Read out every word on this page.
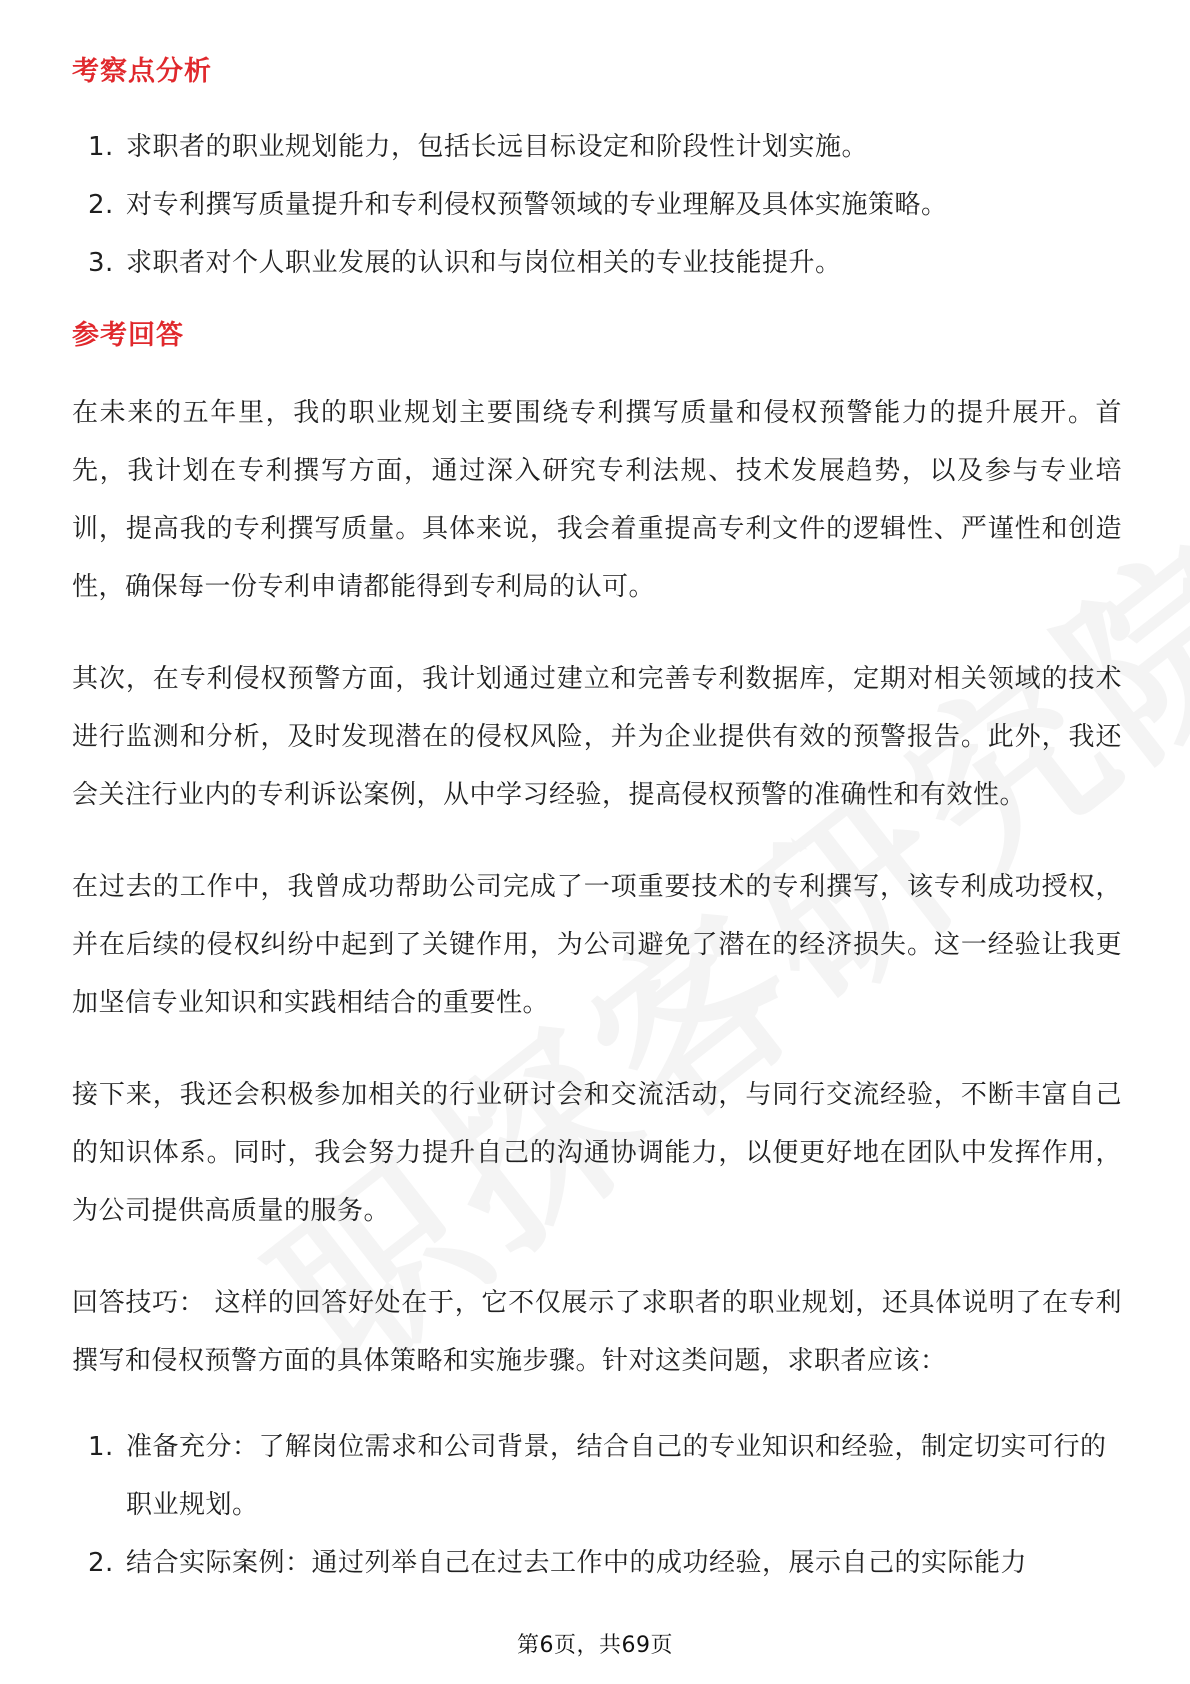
考察点分析
1. 求职者的职业规划能力，包括长远目标设定和阶段性计划实施。
2. 对专利撰写质量提升和专利侵权预警领域的专业理解及具体实施策略。
3. 求职者对个人职业发展的认识和与岗位相关的专业技能提升。
参考回答

在未来的五年里，我的职业规划主要围绕专利撰写质量和侵权预警能力的提升展开。首先，我计划在专利撰写方面，通过深入研究专利法规、技术发展趋势，以及参与专业培训，提高我的专利撰写质量。具体来说，我会着重提高专利文件的逻辑性、严谨性和创造性，确保每一份专利申请都能得到专利局的认可。

其次，在专利侵权预警方面，我计划通过建立和完善专利数据库，定期对相关领域的技术进行监测和分析，及时发现潜在的侵权风险，并为企业提供有效的预警报告。此外，我还会关注行业内的专利诉讼案例，从中学习经验，提高侵权预警的准确性和有效性。

在过去的工作中，我曾成功帮助公司完成了一项重要技术的专利撰写，该专利成功授权，并在后续的侵权纠纷中起到了关键作用，为公司避免了潜在的经济损失。这一经验让我更加坚信专业知识和实践相结合的重要性。

接下来，我还会积极参加相关的行业研讨会和交流活动，与同行交流经验，不断丰富自己的知识体系。同时，我会努力提升自己的沟通协调能力，以便更好地在团队中发挥作用，为公司提供高质量的服务。

回答技巧： 这样的回答好处在于，它不仅展示了求职者的职业规划，还具体说明了在专利撰写和侵权预警方面的具体策略和实施步骤。针对这类问题，求职者应该：

1. 准备充分：了解岗位需求和公司背景，结合自己的专业知识和经验，制定切实可行的职业规划。
2. 结合实际案例：通过列举自己在过去工作中的成功经验，展示自己的实际能力
第6页，共69页
